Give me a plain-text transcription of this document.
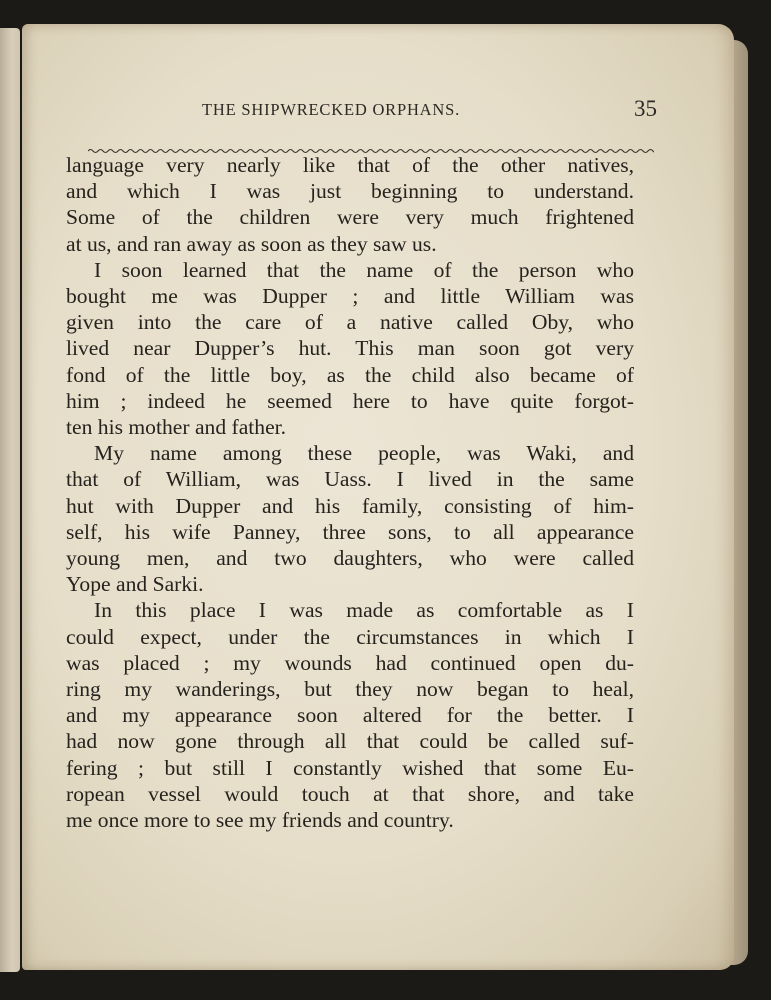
THE SHIPWRECKED ORPHANS.	35
language very nearly like that of the other natives,
and which I was just beginning to understand.
Some of the children were very much frightened
at us, and ran away as soon as they saw us.
I soon learned that the name of the person who
bought me was Dupper ; and little William was
given into the care of a native called Oby, who
lived near Dupper’s hut. This man soon got very
fond of the little boy, as the child also became of
him ; indeed he seemed here to have quite forgot-
ten his mother and father.
My name among these people, was Waki, and
that of William, was Uass. I lived in the same
hut with Dupper and his family, consisting of him-
self, his wife Panney, three sons, to all appearance
young men, and two daughters, who were called
Yope and Sarki.
In this place I was made as comfortable as I
could expect, under the circumstances in which I
was placed ; my wounds had continued open du-
ring my wanderings, but they now began to heal,
and my appearance soon altered for the better. I
had now gone through all that could be called suf-
fering ; but still I constantly wished that some Eu-
ropean vessel would touch at that shore, and take
me once more to see my friends and country.
